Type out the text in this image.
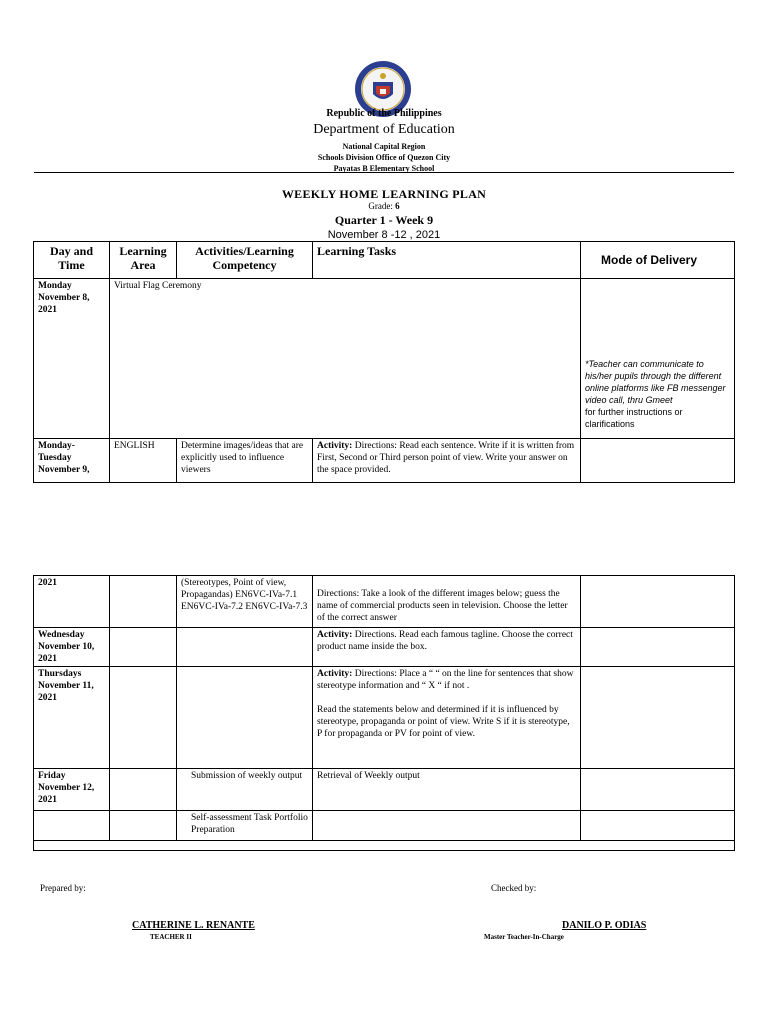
Republic of the Philippines
Department of Education
National Capital Region
Schools Division Office of Quezon City
Payatas B Elementary School
WEEKLY HOME LEARNING PLAN
Grade: 6
Quarter 1 - Week 9
November 8 -12 , 2021
Day and Time	Learning Area	Activities/Learning Competency	Learning Tasks	Mode of Delivery
Monday November 8, 2021	Virtual Flag Ceremony			*Teacher can communicate to his/her pupils through the different online platforms like FB messenger video call, thru Gmeet
for further instructions or clarifications
Monday- Tuesday November 9,	ENGLISH	Determine images/ideas that are explicitly used to influence viewers	Activity: Directions: Read each sentence. Write if it is written from First, Second or Third person point of view. Write your answer on the space provided.	
2021		(Stereotypes, Point of view, Propagandas) EN6VC-IVa-7.1 EN6VC-IVa-7.2 EN6VC-IVa-7.3	Directions: Take a look of the different images below; guess the name of commercial products seen in television. Choose the letter of the correct answer	
Wednesday November 10, 2021			Activity: Directions. Read each famous tagline. Choose the correct product name inside the box.	
Thursdays November 11, 2021			Activity: Directions: Place a “ “ on the line for sentences that show stereotype information and “ X “ if not .

Read the statements below and determined if it is influenced by stereotype, propaganda or point of view. Write S if it is stereotype, P for propaganda or PV for point of view.	
Friday November 12, 2021		Submission of weekly output	Retrieval of Weekly output	
		Self-assessment Task Portfolio Preparation		

Prepared by:	Checked by:
CATHERINE L. RENANTE
TEACHER II
DANILO P. ODIAS
Master Teacher-In-Charge
